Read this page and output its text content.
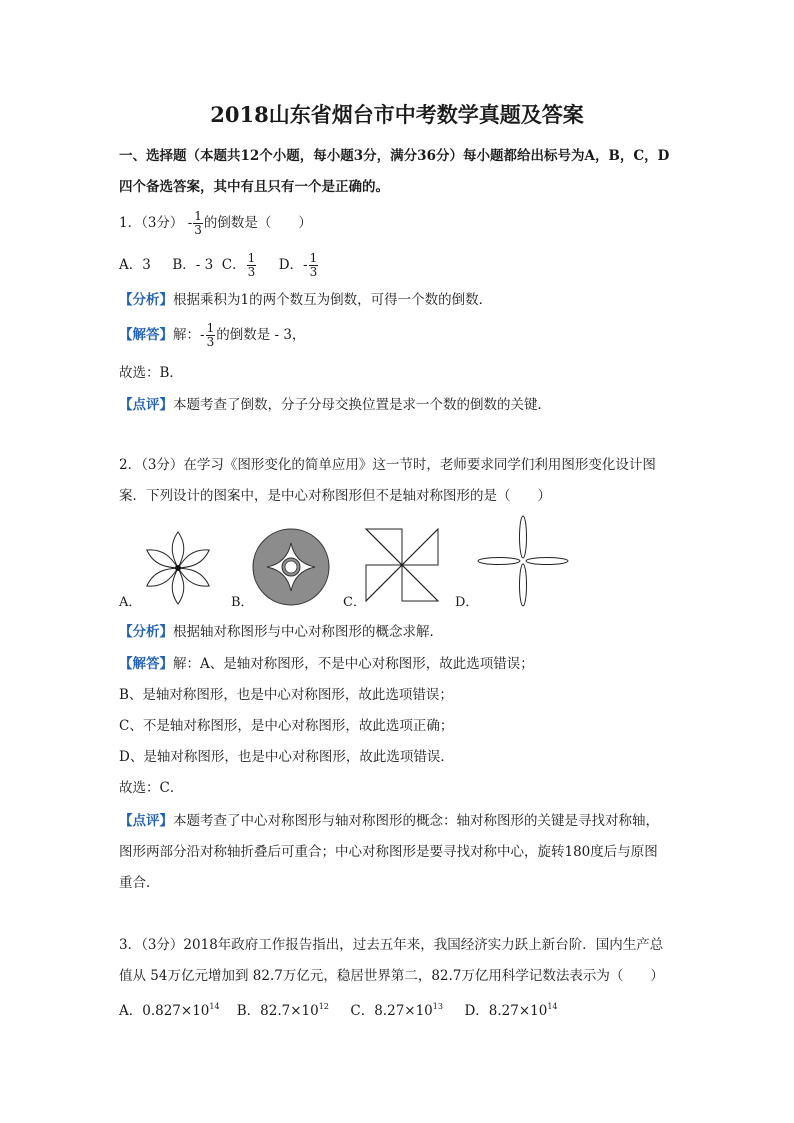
2018山东省烟台市中考数学真题及答案
一、选择题（本题共12个小题，每小题3分，满分36分）每小题都给出标号为A，B，C，D
四个备选答案，其中有且只有一个是正确的。
1．（3分） - $\frac{1}{3}$ 的倒数是（　　）
A．3 B．- 3 C． $\frac{1}{3}$ D．- $\frac{1}{3}$
【分析】根据乘积为1的两个数互为倒数，可得一个数的倒数．
【解答】解：- $\frac{1}{3}$ 的倒数是 - 3，
故选：B．
【点评】本题考查了倒数，分子分母交换位置是求一个数的倒数的关键．
2．（3分）在学习《图形变化的简单应用》这一节时，老师要求同学们利用图形变化设计图
案．下列设计的图案中，是中心对称图形但不是轴对称图形的是（　　）
A．	B．	C．	D．
【分析】根据轴对称图形与中心对称图形的概念求解．
【解答】解：A、是轴对称图形，不是中心对称图形，故此选项错误；
B、是轴对称图形，也是中心对称图形，故此选项错误；
C、不是轴对称图形，是中心对称图形，故此选项正确；
D、是轴对称图形，也是中心对称图形，故此选项错误．
故选：C．
【点评】本题考查了中心对称图形与轴对称图形的概念：轴对称图形的关键是寻找对称轴，
图形两部分沿对称轴折叠后可重合；中心对称图形是要寻找对称中心，旋转180度后与原图
重合．
3．（3分）2018年政府工作报告指出，过去五年来，我国经济实力跃上新台阶．国内生产总
值从 54万亿元增加到 82.7万亿元，稳居世界第二，82.7万亿用科学记数法表示为（　　）
A．$0.827\times 10^{14}$ B．$82.7\times 10^{12}$ C．$8.27\times 10^{13}$ D．$8.27\times 10^{14}$
